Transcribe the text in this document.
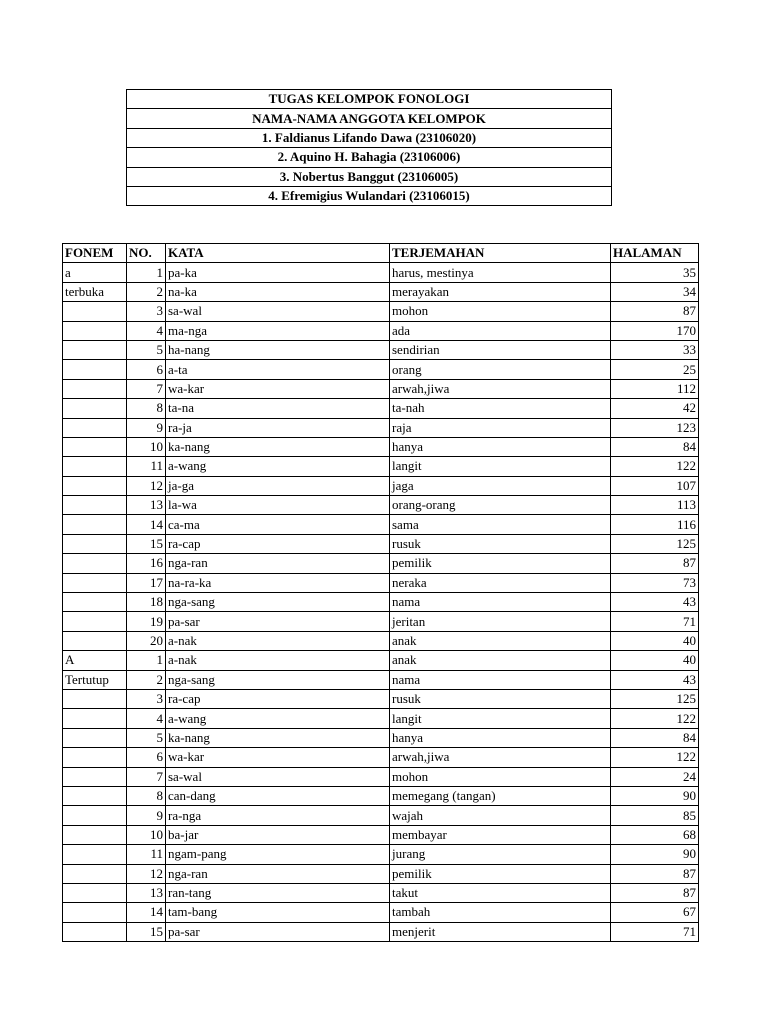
TUGAS KELOMPOK FONOLOGI
NAMA-NAMA ANGGOTA KELOMPOK
1. Faldianus Lifando Dawa (23106020)
2. Aquino H. Bahagia (23106006)
3. Nobertus Banggut (23106005)
4. Efremigius Wulandari (23106015)
FONEM	NO.	KATA	TERJEMAHAN	HALAMAN
a	1	pa-ka	harus, mestinya	35
terbuka	2	na-ka	merayakan	34
	3	sa-wal	mohon	87
	4	ma-nga	ada	170
	5	ha-nang	sendirian	33
	6	a-ta	orang	25
	7	wa-kar	arwah,jiwa	112
	8	ta-na	ta-nah	42
	9	ra-ja	raja	123
	10	ka-nang	hanya	84
	11	a-wang	langit	122
	12	ja-ga	jaga	107
	13	la-wa	orang-orang	113
	14	ca-ma	sama	116
	15	ra-cap	rusuk	125
	16	nga-ran	pemilik	87
	17	na-ra-ka	neraka	73
	18	nga-sang	nama	43
	19	pa-sar	jeritan	71
	20	a-nak	anak	40
A	1	a-nak	anak	40
Tertutup	2	nga-sang	nama	43
	3	ra-cap	rusuk	125
	4	a-wang	langit	122
	5	ka-nang	hanya	84
	6	wa-kar	arwah,jiwa	122
	7	sa-wal	mohon	24
	8	can-dang	memegang (tangan)	90
	9	ra-nga	wajah	85
	10	ba-jar	membayar	68
	11	ngam-pang	jurang	90
	12	nga-ran	pemilik	87
	13	ran-tang	takut	87
	14	tam-bang	tambah	67
	15	pa-sar	menjerit	71
